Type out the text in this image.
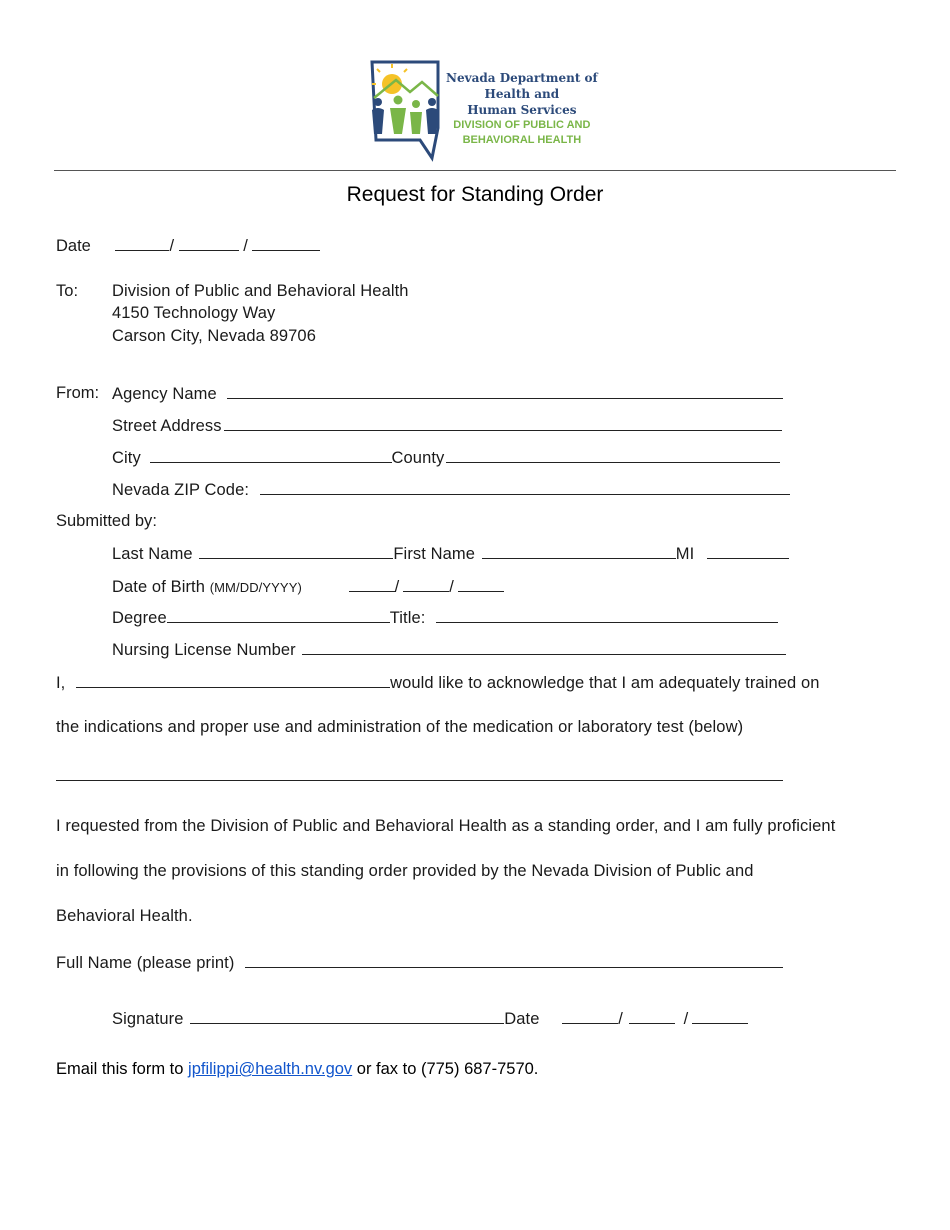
Nevada Department of
Health and
Human Services
DIVISION OF PUBLIC AND
BEHAVIORAL HEALTH
Request for Standing Order
Date	/	/
To: Division of Public and Behavioral Health
4150 Technology Way
Carson City, Nevada 89706
From: Agency Name
Street Address
City	County
Nevada ZIP Code:
Submitted by:
Last Name	First Name	MI
Date of Birth (MM/DD/YYYY)	/	/
Degree	Title:
Nursing License Number
I,	would like to acknowledge that I am adequately trained on
the indications and proper use and administration of the medication or laboratory test (below)
I requested from the Division of Public and Behavioral Health as a standing order, and I am fully proficient
in following the provisions of this standing order provided by the Nevada Division of Public and
Behavioral Health.
Full Name (please print)
Signature	Date	/	/
Email this form to jpfilippi@health.nv.gov or fax to (775) 687-7570.
